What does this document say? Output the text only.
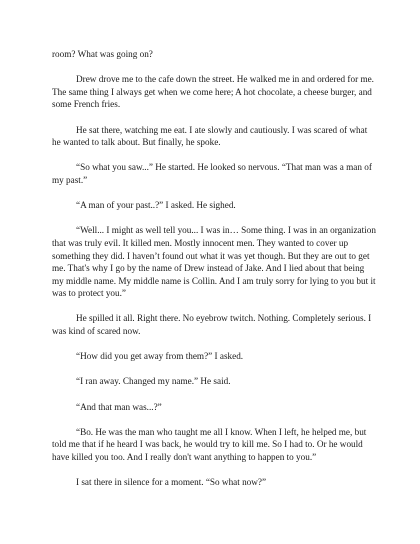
room? What was going on?

Drew drove me to the cafe down the street. He walked me in and ordered for me. The same thing I always get when we come here; A hot chocolate, a cheese burger, and some French fries.

He sat there, watching me eat. I ate slowly and cautiously. I was scared of what he wanted to talk about. But finally, he spoke.

“So what you saw...” He started. He looked so nervous. “That man was a man of my past.”

“A man of your past..?” I asked. He sighed.

“Well... I might as well tell you... I was in… Some thing. I was in an organization that was truly evil. It killed men. Mostly innocent men. They wanted to cover up something they did. I haven’t found out what it was yet though. But they are out to get me. That's why I go by the name of Drew instead of Jake. And I lied about that being my middle name. My middle name is Collin. And I am truly sorry for lying to you but it was to protect you.”

He spilled it all. Right there. No eyebrow twitch. Nothing. Completely serious. I was kind of scared now.

“How did you get away from them?” I asked.

“I ran away. Changed my name.” He said.

“And that man was...?”

“Bo. He was the man who taught me all I know. When I left, he helped me, but told me that if he heard I was back, he would try to kill me. So I had to. Or he would have killed you too. And I really don't want anything to happen to you.”

I sat there in silence for a moment. “So what now?”
